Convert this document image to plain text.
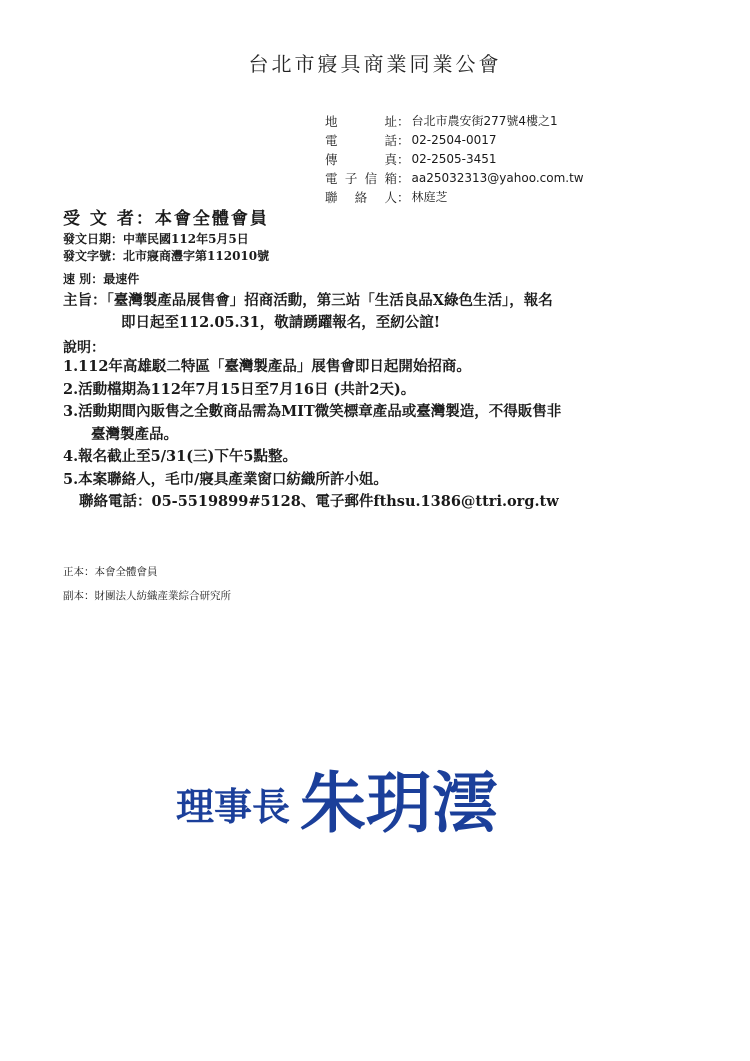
台北市寢具商業同業公會
地	址 ： 台北市農安街277號4樓之1
電	話 ： 02-2504-0017
傳	真 ： 02-2505-3451
電 子 信 箱 ： aa25032313@yahoo.com.tw
聯 絡 人 ： 林庭芝
受 文 者：本會全體會員
發文日期：中華民國112年5月5日
發文字號：北市寢商灃字第112010號
速 別：最速件
主旨：「臺灣製產品展售會」招商活動，第三站「生活良品X綠色生活」，報名
即日起至112.05.31，敬請踴躍報名，至紉公誼!
說明：
1.112年高雄駁二特區「臺灣製產品」展售會即日起開始招商。
2.活動檔期為112年7月15日至7月16日 (共計2天)。
3.活動期間內販售之全數商品需為MIT微笑標章產品或臺灣製造，不得販售非
臺灣製產品。
4.報名截止至5/31(三)下午5點整。
5.本案聯絡人，毛巾/寢具產業窗口紡織所許小姐。
聯絡電話：05-5519899#5128、電子郵件fthsu.1386@ttri.org.tw
正本：本會全體會員
副本：財團法人紡織產業綜合研究所
理事長 朱玥澐
